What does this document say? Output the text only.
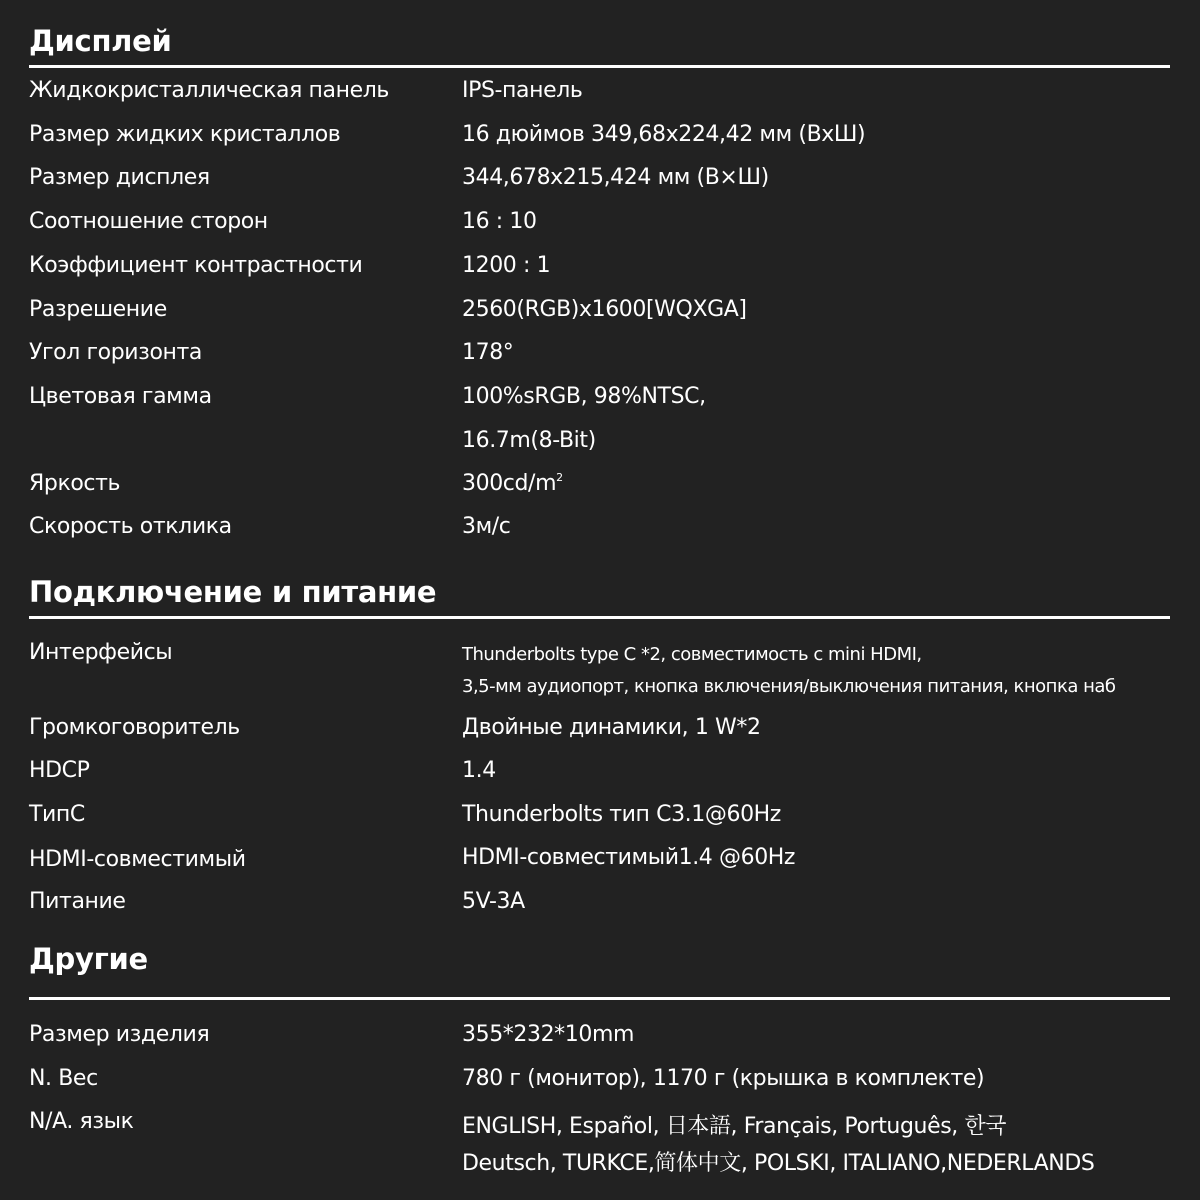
Дисплей
Жидкокристаллическая панель	IPS-панель
Размер жидких кристаллов	16 дюймов 349,68x224,42 мм (ВхШ)
Размер дисплея	344,678x215,424 мм (В×Ш)
Соотношение сторон	16 : 10
Коэффициент контрастности	1200 : 1
Разрешение	2560(RGB)x1600[WQXGA]
Угол горизонта	178°
Цветовая гамма	100%sRGB, 98%NTSC,
16.7m(8-Bit)
Яркость	$300cd/m^2$
Скорость отклика	3м/с
Подключение и питание
Интерфейсы	Thunderbolts type C *2, совместимость с mini HDMI,
3,5-мм аудиопорт, кнопка включения/выключения питания, кнопка наб
Громкоговоритель	Двойные динамики, 1 W*2
HDCP	1.4
ТипС	Thunderbolts тип C3.1@60Hz
HDMI-совместимый	HDMI-совместимый1.4 @60Hz
Питание	5V-3A
Другие
Размер изделия	355*232*10mm
N. Вес	780 г (монитор), 1170 г (крышка в комплекте)
N/A. язык	ENGLISH, Español, 日本語, Français, Português, 한국
Deutsch, TURKCE,简体中文, POLSKI, ITALIANO,NEDERLANDS
